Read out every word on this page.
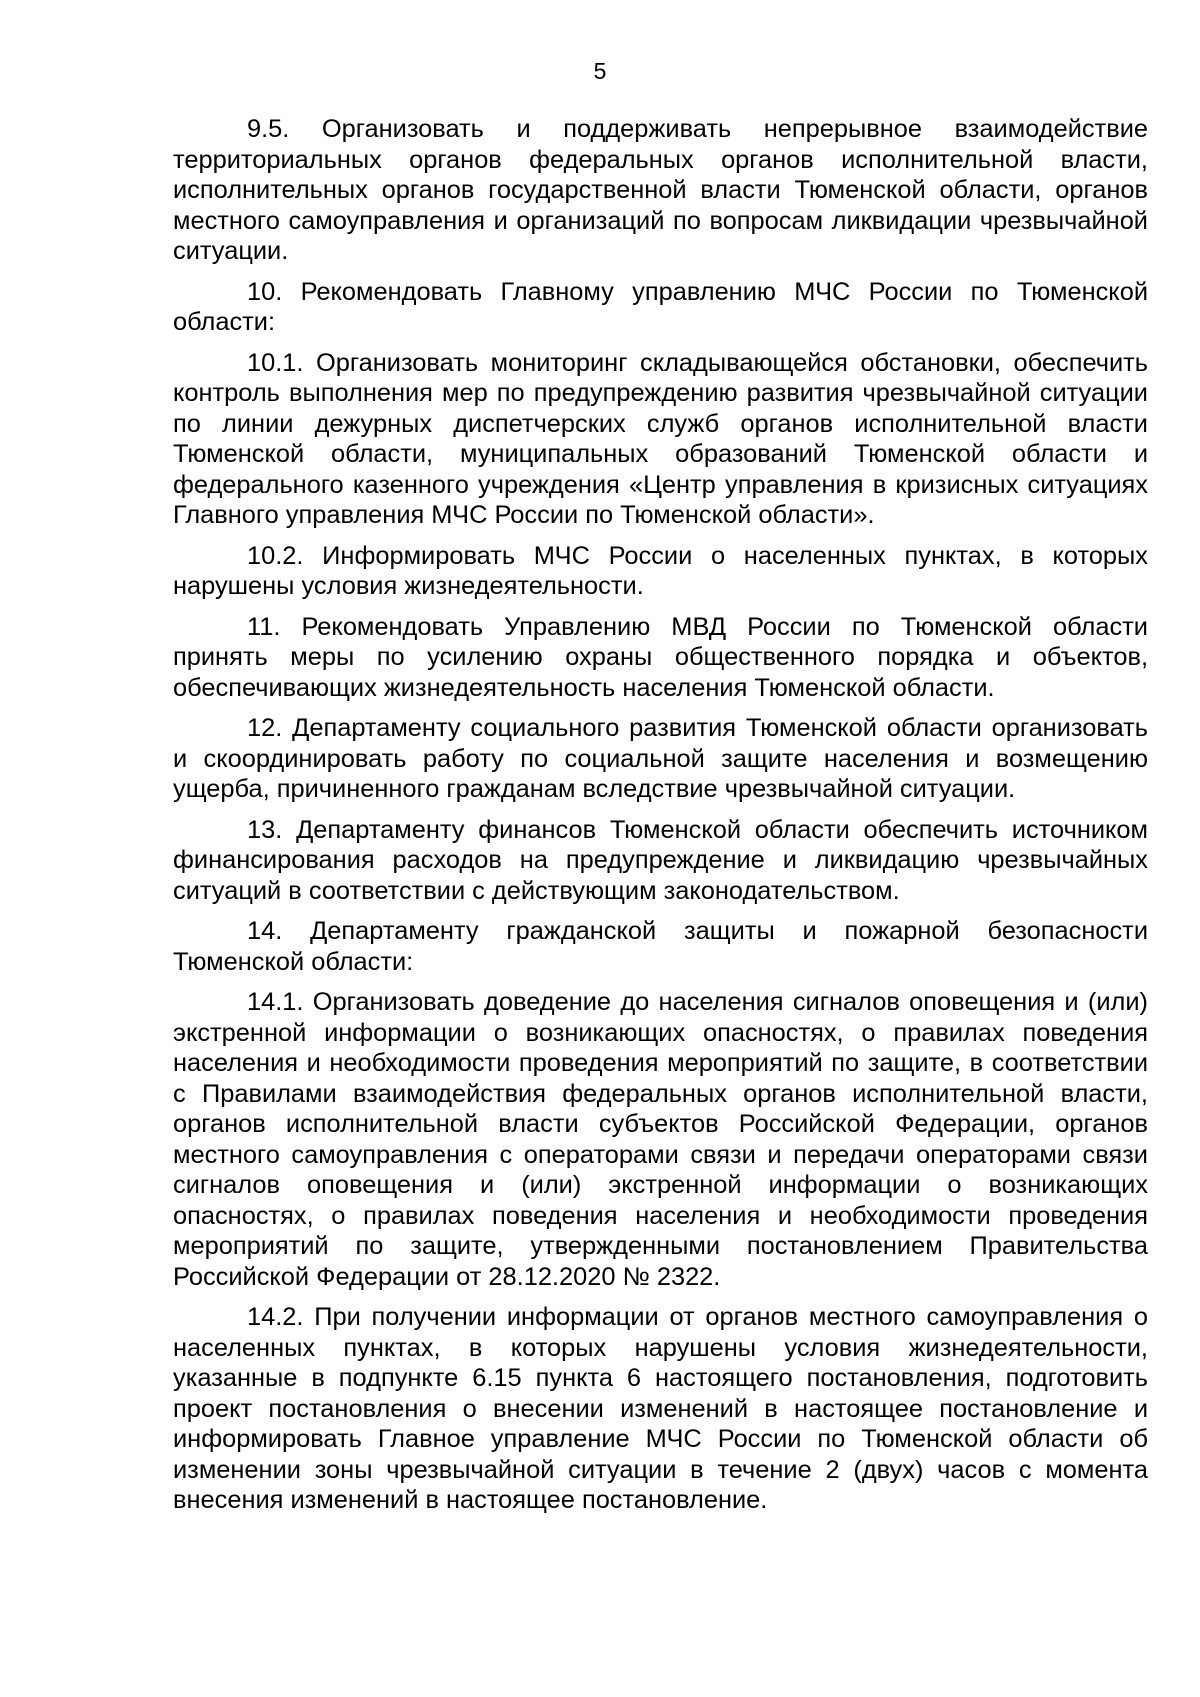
5

9.5. Организовать и поддерживать непрерывное взаимодействие территориальных органов федеральных органов исполнительной власти, исполнительных органов государственной власти Тюменской области, органов местного самоуправления и организаций по вопросам ликвидации чрезвычайной ситуации.

10. Рекомендовать Главному управлению МЧС России по Тюменской области:

10.1. Организовать мониторинг складывающейся обстановки, обеспечить контроль выполнения мер по предупреждению развития чрезвычайной ситуации по линии дежурных диспетчерских служб органов исполнительной власти Тюменской области, муниципальных образований Тюменской области и федерального казенного учреждения «Центр управления в кризисных ситуациях Главного управления МЧС России по Тюменской области».

10.2. Информировать МЧС России о населенных пунктах, в которых нарушены условия жизнедеятельности.

11. Рекомендовать Управлению МВД России по Тюменской области принять меры по усилению охраны общественного порядка и объектов, обеспечивающих жизнедеятельность населения Тюменской области.

12. Департаменту социального развития Тюменской области организовать и скоординировать работу по социальной защите населения и возмещению ущерба, причиненного гражданам вследствие чрезвычайной ситуации.

13. Департаменту финансов Тюменской области обеспечить источником финансирования расходов на предупреждение и ликвидацию чрезвычайных ситуаций в соответствии с действующим законодательством.

14. Департаменту гражданской защиты и пожарной безопасности Тюменской области:

14.1. Организовать доведение до населения сигналов оповещения и (или) экстренной информации о возникающих опасностях, о правилах поведения населения и необходимости проведения мероприятий по защите, в соответствии с Правилами взаимодействия федеральных органов исполнительной власти, органов исполнительной власти субъектов Российской Федерации, органов местного самоуправления с операторами связи и передачи операторами связи сигналов оповещения и (или) экстренной информации о возникающих опасностях, о правилах поведения населения и необходимости проведения мероприятий по защите, утвержденными постановлением Правительства Российской Федерации от 28.12.2020 № 2322.

14.2. При получении информации от органов местного самоуправления о населенных пунктах, в которых нарушены условия жизнедеятельности, указанные в подпункте 6.15 пункта 6 настоящего постановления, подготовить проект постановления о внесении изменений в настоящее постановление и информировать Главное управление МЧС России по Тюменской области об изменении зоны чрезвычайной ситуации в течение 2 (двух) часов с момента внесения изменений в настоящее постановление.
